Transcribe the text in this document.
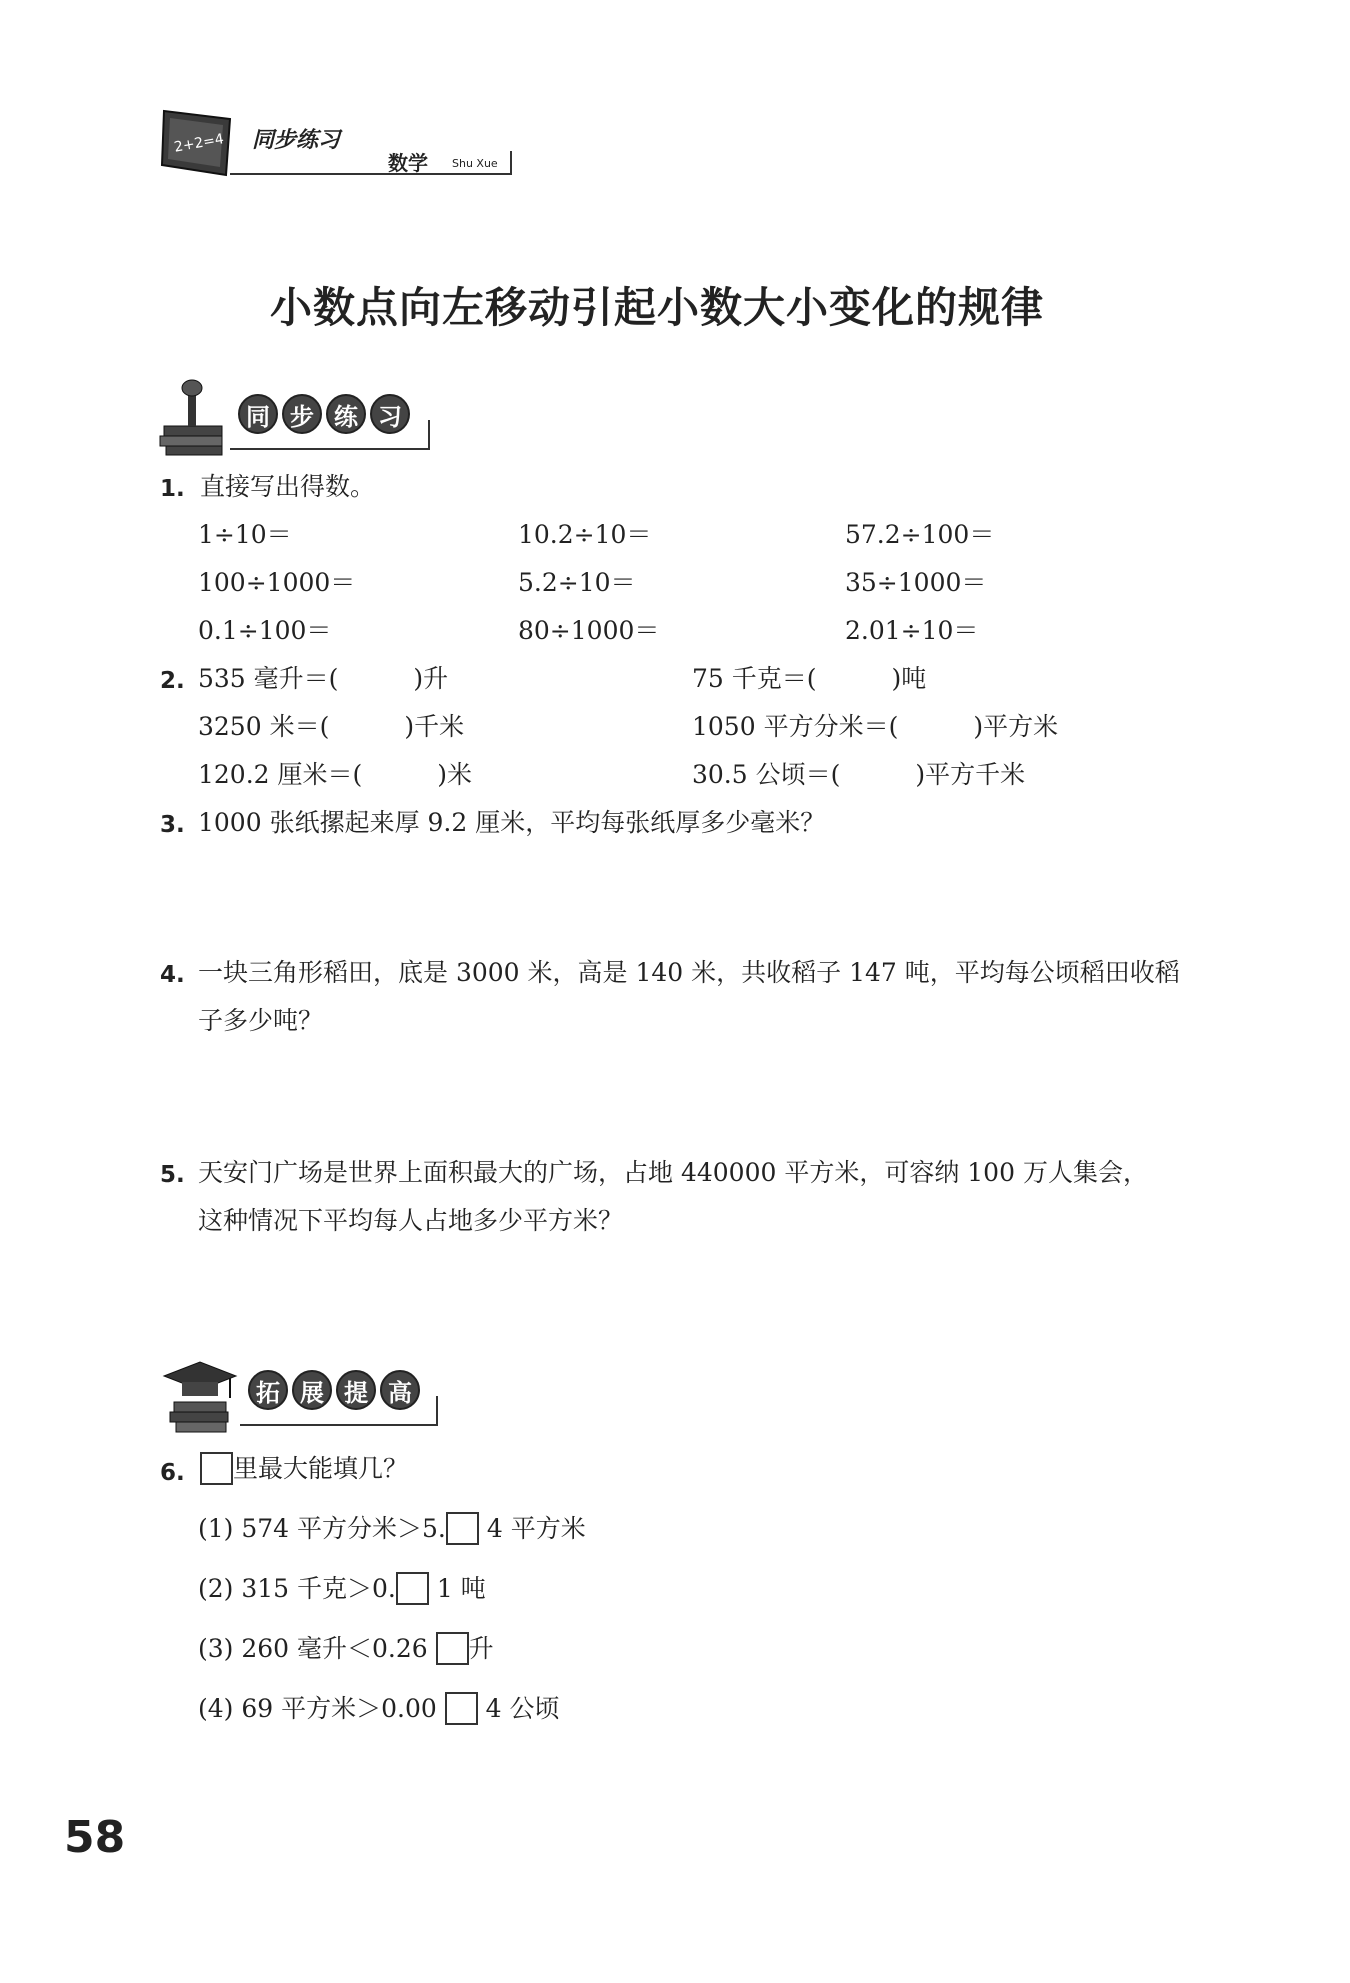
2+2=4 同步练习
数学 Shu Xue
小数点向左移动引起小数大小变化的规律
同 步 练 习
1. 直接写出得数。
1÷10＝	10.2÷10＝	57.2÷100＝
100÷1000＝	5.2÷10＝	35÷1000＝
0.1÷100＝	80÷1000＝	2.01÷10＝
2. 535 毫升＝(　　　)升	75 千克＝(　　　)吨
3250 米＝(　　　)千米	1050 平方分米＝(　　　)平方米
120.2 厘米＝(　　　)米	30.5 公顷＝(　　　)平方千米
3. 1000 张纸摞起来厚 9.2 厘米，平均每张纸厚多少毫米？
4. 一块三角形稻田，底是 3000 米，高是 140 米，共收稻子 147 吨，平均每公顷稻田收稻
子多少吨？
5. 天安门广场是世界上面积最大的广场，占地 440000 平方米，可容纳 100 万人集会，
这种情况下平均每人占地多少平方米？
拓 展 提 高
6.	里最大能填几？
(1) 574 平方分米＞5. 4 平方米
(2) 315 千克＞0. 1 吨
(3) 260 毫升＜0.26 升
(4) 69 平方米＞0.00  4 公顷
58
